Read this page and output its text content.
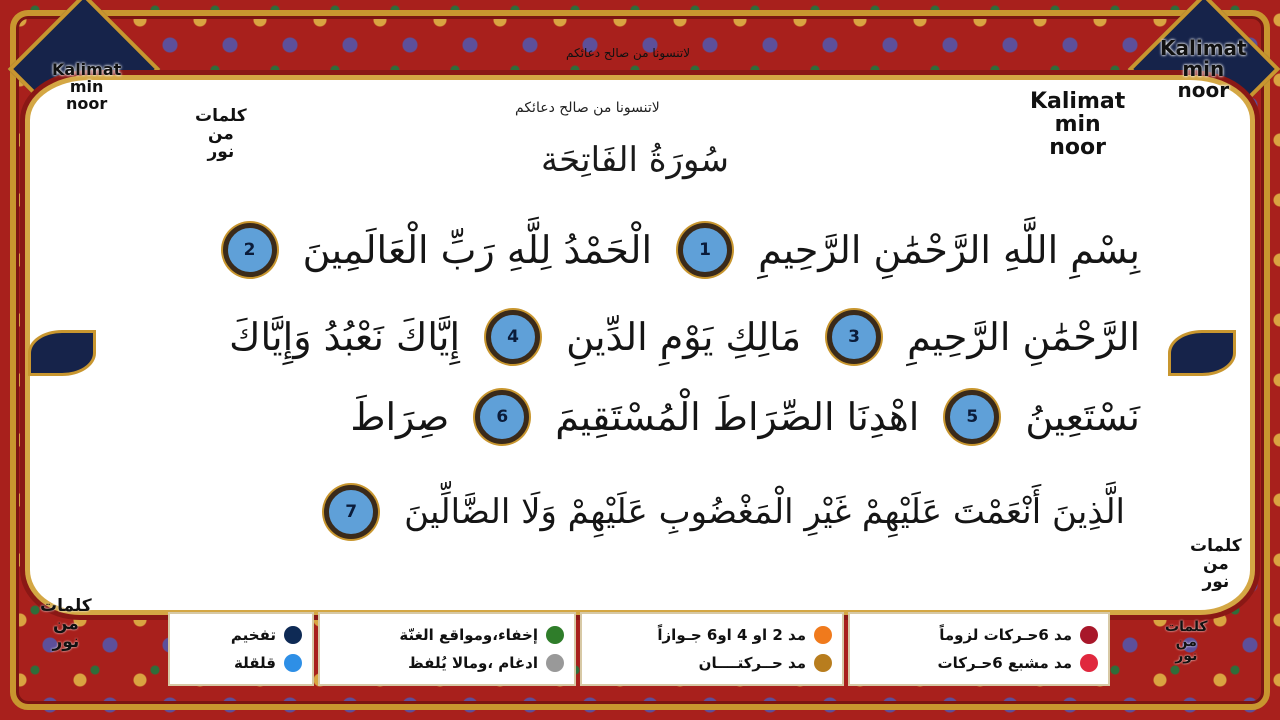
لاتنسونا من صالح دعائكم
لاتنسونا من صالح دعائكم
سُورَةُ الفَاتِحَة
Kalimat
min
noor
Kalimat
min
noor
Kalimat
min
noor
كلمات
من
نور
كلمات
من
نور
كلمات
من
نور
كلمات
من
نور
بِسْمِ اللَّهِ الرَّحْمَٰنِ الرَّحِيمِ
1
الْحَمْدُ لِلَّهِ رَبِّ الْعَالَمِينَ
2
الرَّحْمَٰنِ الرَّحِيمِ
3
مَالِكِ يَوْمِ الدِّينِ
4
إِيَّاكَ نَعْبُدُ وَإِيَّاكَ
نَسْتَعِينُ
5
اهْدِنَا الصِّرَاطَ الْمُسْتَقِيمَ
6
صِرَاطَ
الَّذِينَ أَنْعَمْتَ عَلَيْهِمْ غَيْرِ الْمَغْضُوبِ عَلَيْهِمْ وَلَا الضَّالِّينَ
7
مد 6حـركات لزوماً
مد مشبع 6حـركات
مد 2 او 4 او6 جـوازاً
مد حــركتــــان
إخفاء،ومواقع الغنّة
ادغام ،ومالا يُلفظ
تفخيم
قلقلة
